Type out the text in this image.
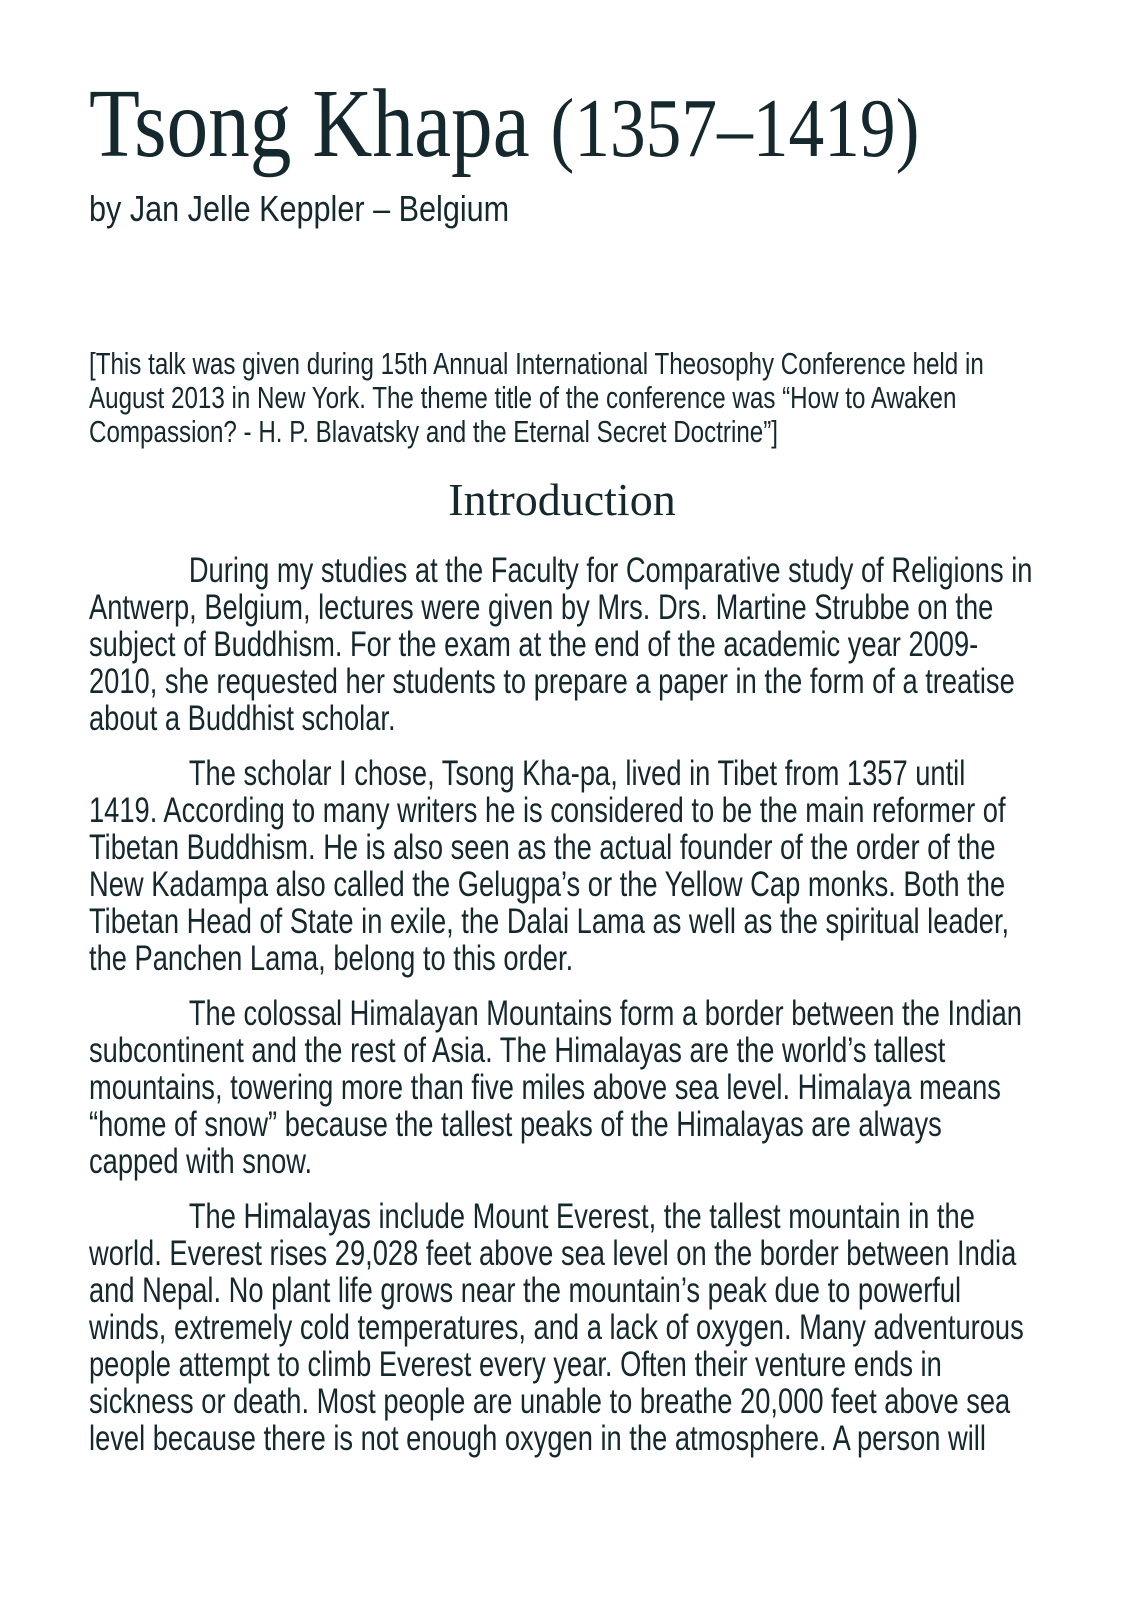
Tsong Khapa (1357–1419)

by Jan Jelle Keppler – Belgium

[This talk was given during 15th Annual International Theosophy Conference held in August 2013 in New York. The theme title of the conference was “How to Awaken Compassion? - H. P. Blavatsky and the Eternal Secret Doctrine”]

Introduction

During my studies at the Faculty for Comparative study of Religions in Antwerp, Belgium, lectures were given by Mrs. Drs. Martine Strubbe on the subject of Buddhism. For the exam at the end of the academic year 2009-2010, she requested her students to prepare a paper in the form of a treatise about a Buddhist scholar.

The scholar I chose, Tsong Kha-pa, lived in Tibet from 1357 until 1419. According to many writers he is considered to be the main reformer of Tibetan Buddhism. He is also seen as the actual founder of the order of the New Kadampa also called the Gelugpa’s or the Yellow Cap monks. Both the Tibetan Head of State in exile, the Dalai Lama as well as the spiritual leader, the Panchen Lama, belong to this order.

The colossal Himalayan Mountains form a border between the Indian subcontinent and the rest of Asia. The Himalayas are the world’s tallest mountains, towering more than five miles above sea level. Himalaya means “home of snow” because the tallest peaks of the Himalayas are always capped with snow.

The Himalayas include Mount Everest, the tallest mountain in the world. Everest rises 29,028 feet above sea level on the border between India and Nepal. No plant life grows near the mountain’s peak due to powerful winds, extremely cold temperatures, and a lack of oxygen. Many adventurous people attempt to climb Everest every year. Often their venture ends in sickness or death. Most people are unable to breathe 20,000 feet above sea level because there is not enough oxygen in the atmosphere. A person will
